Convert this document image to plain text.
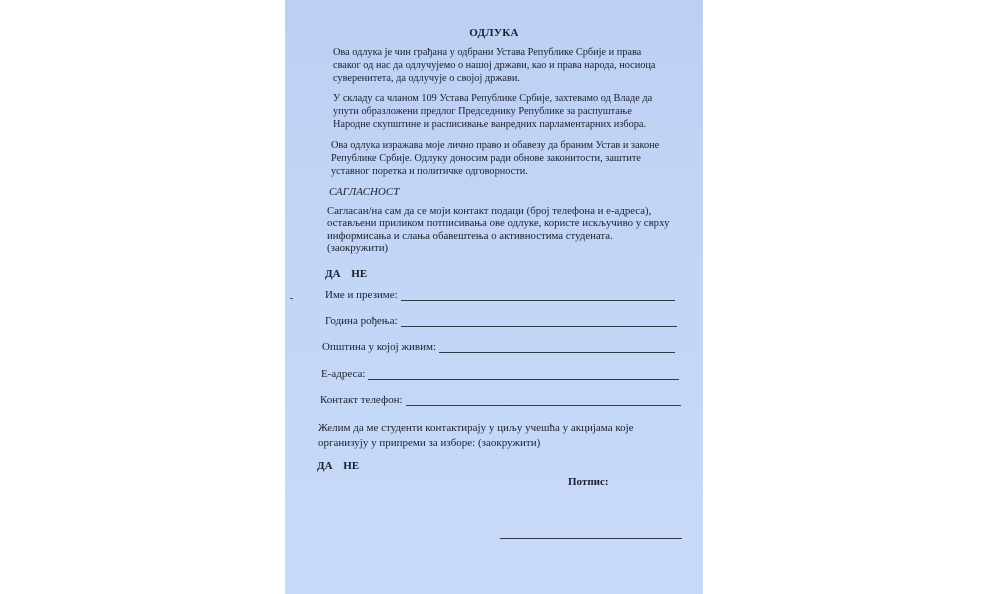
ОДЛУКА

Ова одлука је чин грађана у одбрани Устава Републике Србије и права
сваког од нас да одлучујемо о нашој држави, као и права народа, носиоца
суверенитета, да одлучује о својој држави.
У складу са чланом 109 Устава Републике Србије, захтевамо од Владе да
упути образложени предлог Председнику Републике за распуштање
Народне скупштине и расписивање ванредних парламентарних избора.
Ова одлука изражава моје лично право и обавезу да браним Устав и законе
Републике Србије. Одлуку доносим ради обнове законитости, заштите
уставног поретка и политичке одговорности.

САГЛАСНОСТ

Сагласан/на сам да се моји контакт подаци (број телефона и е-адреса),
остављени приликом потписивања ове одлуке, користе искључиво у сврху
информисања и слања обавештења о активностима студената.
(заокружити)

ДА НЕ

Име и презиме:
Година рођења:
Општина у којој живим:
Е-адреса:
Контакт телефон:
Желим да ме студенти контактирају у циљу учешћа у акцијама које
организују у припреми за изборе: (заокружити)

ДА НЕ

Потпис:
